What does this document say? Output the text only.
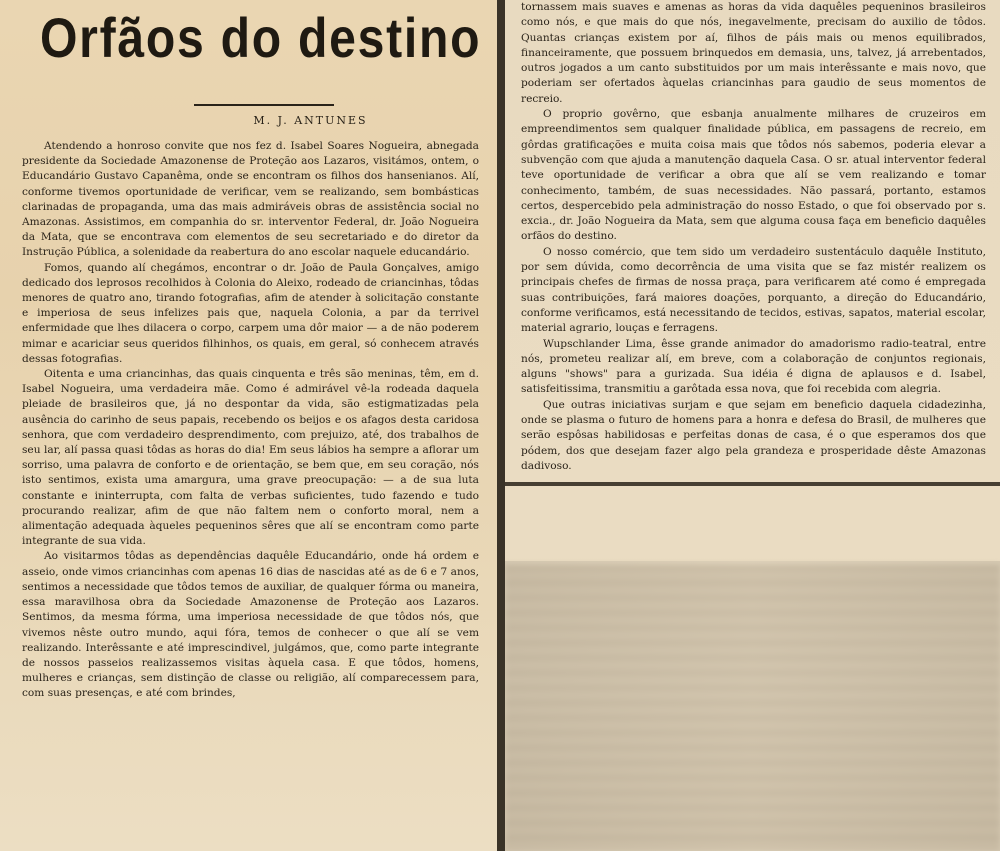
Orfãos do destino
M. J. ANTUNES

Atendendo a honroso convite que nos fez d. Isabel Soares Nogueira, abnegada presidente da Sociedade Amazonense de Proteção aos Lazaros, visitámos, ontem, o Educandário Gustavo Capanêma, onde se encontram os filhos dos hansenianos. Alí, conforme tivemos oportunidade de verificar, vem se realizando, sem bombásticas clarinadas de propaganda, uma das mais admiráveis obras de assistência social no Amazonas. Assistimos, em companhia do sr. interventor Federal, dr. João Nogueira da Mata, que se encontrava com elementos de seu secretariado e do diretor da Instrução Pública, a solenidade da reabertura do ano escolar naquele educandário.

Fomos, quando alí chegámos, encontrar o dr. João de Paula Gonçalves, amigo dedicado dos leprosos recolhidos à Colonia do Aleixo, rodeado de criancinhas, tôdas menores de quatro ano, tirando fotografias, afim de atender à solicitação constante e imperiosa de seus infelizes pais que, naquela Colonia, a par da terrivel enfermidade que lhes dilacera o corpo, carpem uma dôr maior — a de não poderem mimar e acariciar seus queridos filhinhos, os quais, em geral, só conhecem através dessas fotografias.

Oitenta e uma criancinhas, das quais cinquenta e três são meninas, têm, em d. Isabel Nogueira, uma verdadeira mãe. Como é admirável vê-la rodeada daquela pleiade de brasileiros que, já no despontar da vida, são estigmatizadas pela ausência do carinho de seus papais, recebendo os beijos e os afagos desta caridosa senhora, que com verdadeiro desprendimento, com prejuizo, até, dos trabalhos de seu lar, alí passa quasi tôdas as horas do dia! Em seus lábios ha sempre a aflorar um sorriso, uma palavra de conforto e de orientação, se bem que, em seu coração, nós isto sentimos, exista uma amargura, uma grave preocupação: — a de sua luta constante e ininterrupta, com falta de verbas suficientes, tudo fazendo e tudo procurando realizar, afim de que não faltem nem o conforto moral, nem a alimentação adequada àqueles pequeninos sêres que alí se encontram como parte integrante de sua vida.

Ao visitarmos tôdas as dependências daquêle Educandário, onde há ordem e asseio, onde vimos criancinhas com apenas 16 dias de nascidas até as de 6 e 7 anos, sentimos a necessidade que tôdos temos de auxiliar, de qualquer fórma ou maneira, essa maravilhosa obra da Sociedade Amazonense de Proteção aos Lazaros. Sentimos, da mesma fórma, uma imperiosa necessidade de que tôdos nós, que vivemos nêste outro mundo, aqui fóra, temos de conhecer o que alí se vem realizando. Interêssante e até imprescindivel, julgámos, que, como parte integrante de nossos passeios realizassemos visitas àquela casa. E que tôdos, homens, mulheres e crianças, sem distinção de classe ou religião, alí comparecessem para, com suas presenças, e até com brindes,

tornassem mais suaves e amenas as horas da vida daquêles pequeninos brasileiros como nós, e que mais do que nós, inegavelmente, precisam do auxilio de tôdos. Quantas crianças existem por aí, filhos de páis mais ou menos equilibrados, financeiramente, que possuem brinquedos em demasia, uns, talvez, já arrebentados, outros jogados a um canto substituidos por um mais interêssante e mais novo, que poderiam ser ofertados àquelas criancinhas para gaudio de seus momentos de recreio.

O proprio govêrno, que esbanja anualmente milhares de cruzeiros em empreendimentos sem qualquer finalidade pública, em passagens de recreio, em gôrdas gratificações e muita coisa mais que tôdos nós sabemos, poderia elevar a subvenção com que ajuda a manutenção daquela Casa. O sr. atual interventor federal teve oportunidade de verificar a obra que alí se vem realizando e tomar conhecimento, também, de suas necessidades. Não passará, portanto, estamos certos, despercebido pela administração do nosso Estado, o que foi observado por s. excia., dr. João Nogueira da Mata, sem que alguma cousa faça em beneficio daquêles orfãos do destino.

O nosso comércio, que tem sido um verdadeiro sustentáculo daquêle Instituto, por sem dúvida, como decorrência de uma visita que se faz mistér realizem os principais chefes de firmas de nossa praça, para verificarem até como é empregada suas contribuições, fará maiores doações, porquanto, a direção do Educandário, conforme verificamos, está necessitando de tecidos, estivas, sapatos, material escolar, material agrario, louças e ferragens.

Wupschlander Lima, êsse grande animador do amadorismo radio-teatral, entre nós, prometeu realizar alí, em breve, com a colaboração de conjuntos regionais, alguns "shows" para a gurizada. Sua idéia é digna de aplausos e d. Isabel, satisfeitissima, transmitiu a garôtada essa nova, que foi recebida com alegria.

Que outras iniciativas surjam e que sejam em beneficio daquela cidadezinha, onde se plasma o futuro de homens para a honra e defesa do Brasil, de mulheres que serão espôsas habilidosas e perfeitas donas de casa, é o que esperamos dos que pódem, dos que desejam fazer algo pela grandeza e prosperidade dêste Amazonas dadivoso.
